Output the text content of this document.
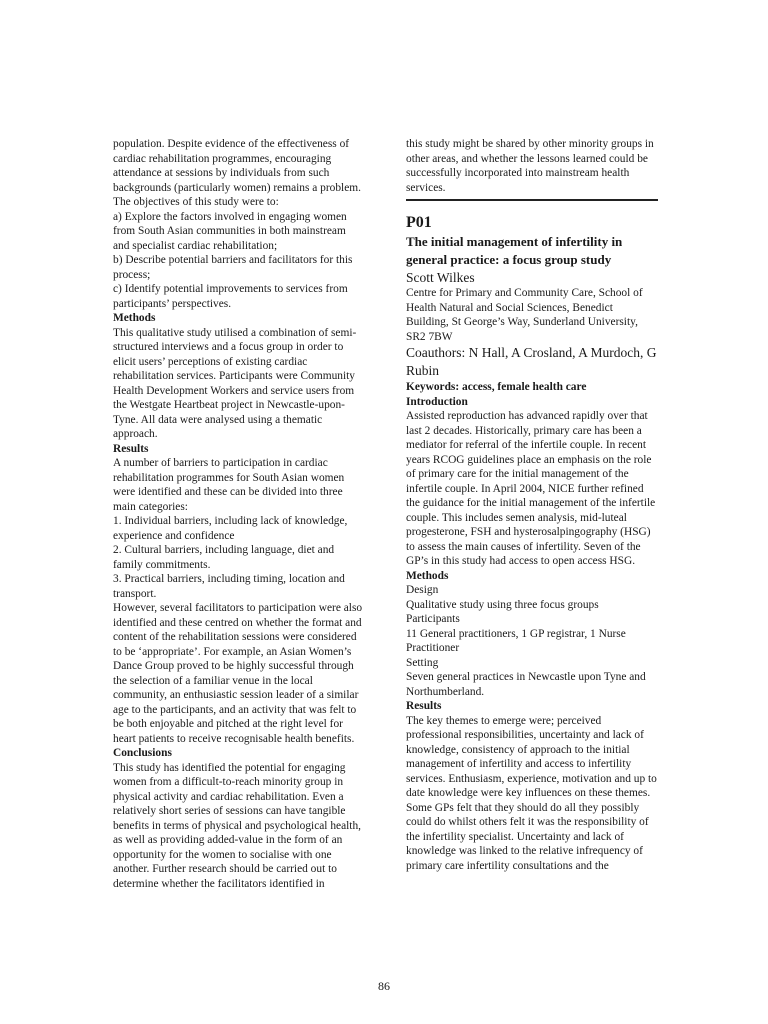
population. Despite evidence of the effectiveness of cardiac rehabilitation programmes, encouraging attendance at sessions by individuals from such backgrounds (particularly women) remains a problem. The objectives of this study were to:

a) Explore the factors involved in engaging women from South Asian communities in both mainstream and specialist cardiac rehabilitation;

b) Describe potential barriers and facilitators for this process;

c) Identify potential improvements to services from participants’ perspectives.

Methods

This qualitative study utilised a combination of semi-structured interviews and a focus group in order to elicit users’ perceptions of existing cardiac rehabilitation services. Participants were Community Health Development Workers and service users from the Westgate Heartbeat project in Newcastle-upon-Tyne. All data were analysed using a thematic approach.

Results

A number of barriers to participation in cardiac rehabilitation programmes for South Asian women were identified and these can be divided into three main categories:

1. Individual barriers, including lack of knowledge, experience and confidence

2. Cultural barriers, including language, diet and family commitments.

3. Practical barriers, including timing, location and transport.

However, several facilitators to participation were also identified and these centred on whether the format and content of the rehabilitation sessions were considered to be ‘appropriate’. For example, an Asian Women’s Dance Group proved to be highly successful through the selection of a familiar venue in the local community, an enthusiastic session leader of a similar age to the participants, and an activity that was felt to be both enjoyable and pitched at the right level for heart patients to receive recognisable health benefits.

Conclusions

This study has identified the potential for engaging women from a difficult-to-reach minority group in physical activity and cardiac rehabilitation. Even a relatively short series of sessions can have tangible benefits in terms of physical and psychological health, as well as providing added-value in the form of an opportunity for the women to socialise with one another. Further research should be carried out to determine whether the facilitators identified in

this study might be shared by other minority groups in other areas, and whether the lessons learned could be successfully incorporated into mainstream health services.

P01

The initial management of infertility in general practice: a focus group study

Scott Wilkes

Centre for Primary and Community Care, School of Health Natural and Social Sciences, Benedict Building, St George’s Way, Sunderland University, SR2 7BW

Coauthors: N Hall, A Crosland, A Murdoch, G Rubin

Keywords: access, female health care

Introduction

Assisted reproduction has advanced rapidly over that last 2 decades. Historically, primary care has been a mediator for referral of the infertile couple. In recent years RCOG guidelines place an emphasis on the role of primary care for the initial management of the infertile couple. In April 2004, NICE further refined the guidance for the initial management of the infertile couple. This includes semen analysis, mid-luteal progesterone, FSH and hysterosalpingography (HSG) to assess the main causes of infertility. Seven of the GP’s in this study had access to open access HSG.

Methods

Design

Qualitative study using three focus groups

Participants

11 General practitioners, 1 GP registrar, 1 Nurse Practitioner

Setting

Seven general practices in Newcastle upon Tyne and Northumberland.

Results

The key themes to emerge were; perceived professional responsibilities, uncertainty and lack of knowledge, consistency of approach to the initial management of infertility and access to infertility services. Enthusiasm, experience, motivation and up to date knowledge were key influences on these themes. Some GPs felt that they should do all they possibly could do whilst others felt it was the responsibility of the infertility specialist. Uncertainty and lack of knowledge was linked to the relative infrequency of primary care infertility consultations and the

86
